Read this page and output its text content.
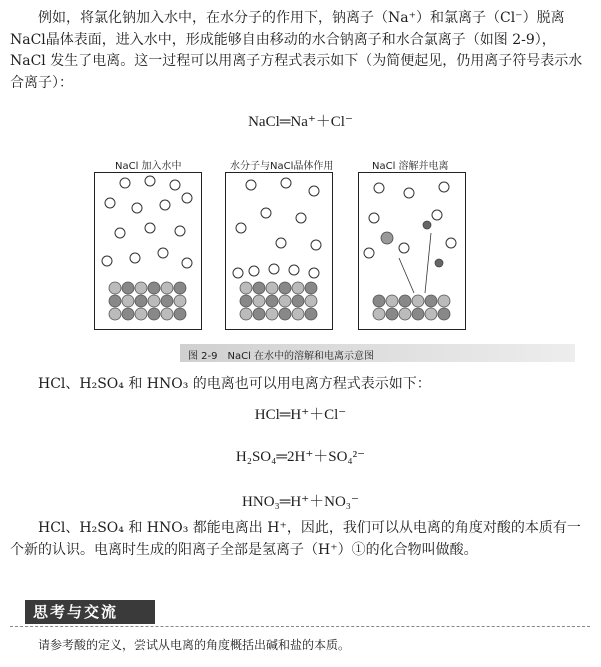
例如，将氯化钠加入水中，在水分子的作用下，钠离子（Na⁺）和氯离子（Cl⁻）脱离NaCl晶体表面，进入水中，形成能够自由移动的水合钠离子和水合氯离子（如图 2-9），NaCl 发生了电离。这一过程可以用离子方程式表示如下（为简便起见，仍用离子符号表示水合离子）：

NaCl═Na⁺＋Cl⁻
NaCl 加入水中	水分子与NaCl晶体作用	NaCl 溶解并电离
图 2-9　NaCl 在水中的溶解和电离示意图

HCl、H₂SO₄ 和 HNO₃ 的电离也可以用电离方程式表示如下：

HCl═H⁺＋Cl⁻
H₂SO₄═2H⁺＋SO₄²⁻
HNO₃═H⁺＋NO₃⁻

HCl、H₂SO₄ 和 HNO₃ 都能电离出 H⁺，因此，我们可以从电离的角度对酸的本质有一个新的认识。电离时生成的阳离子全部是氢离子（H⁺）①的化合物叫做酸。

思考与交流
请参考酸的定义，尝试从电离的角度概括出碱和盐的本质。
